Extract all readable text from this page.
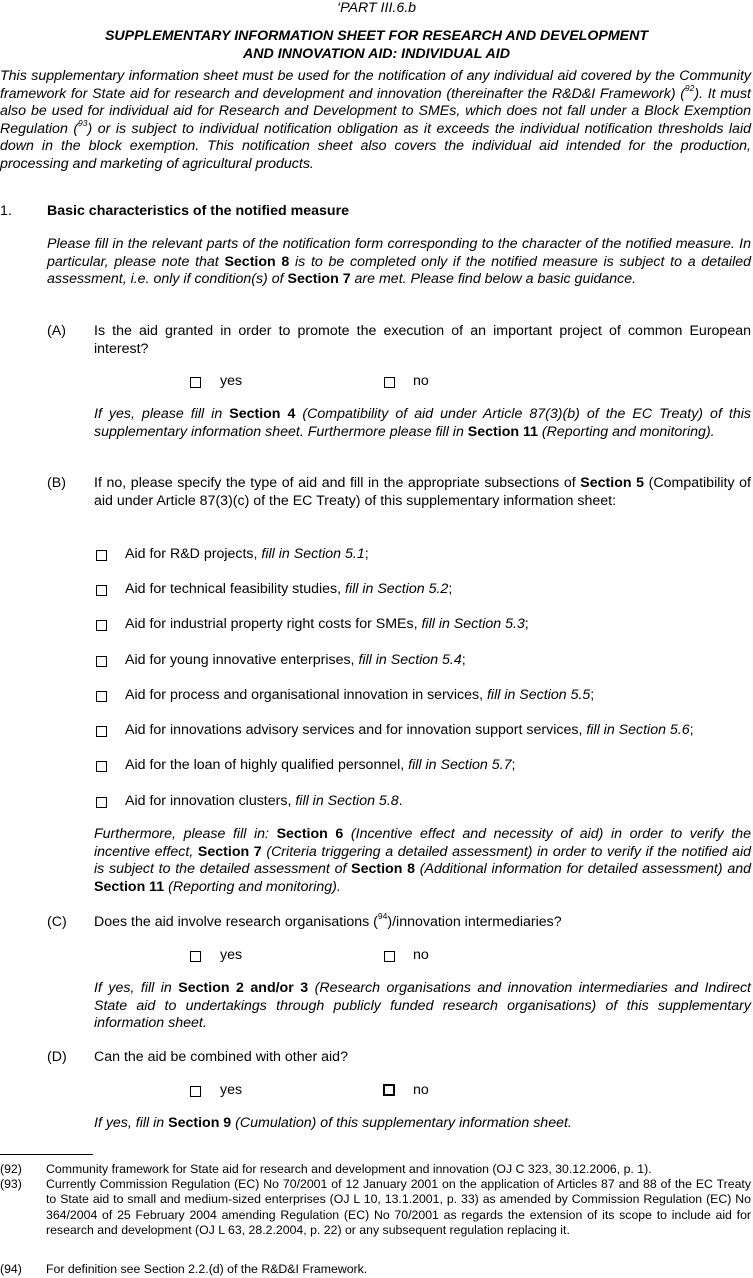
‘PART III.6.b
SUPPLEMENTARY INFORMATION SHEET FOR RESEARCH AND DEVELOPMENT
AND INNOVATION AID: INDIVIDUAL AID
This supplementary information sheet must be used for the notification of any individual aid covered by the Community framework for State aid for research and development and innovation (thereinafter the R&D&I Framework) ($^{92}$). It must also be used for individual aid for Research and Development to SMEs, which does not fall under a Block Exemption Regulation ($^{93}$) or is subject to individual notification obligation as it exceeds the individual notification thresholds laid down in the block exemption. This notification sheet also covers the individual aid intended for the production, processing and marketing of agricultural products.
1. Basic characteristics of the notified measure
Please fill in the relevant parts of the notification form corresponding to the character of the notified measure. In particular, please note that Section 8 is to be completed only if the notified measure is subject to a detailed assessment, i.e. only if condition(s) of Section 7 are met. Please find below a basic guidance.
(A) Is the aid granted in order to promote the execution of an important project of common European interest?
yes	no
If yes, please fill in Section 4 (Compatibility of aid under Article 87(3)(b) of the EC Treaty) of this supplementary information sheet. Furthermore please fill in Section 11 (Reporting and monitoring).
(B) If no, please specify the type of aid and fill in the appropriate subsections of Section 5 (Compatibility of aid under Article 87(3)(c) of the EC Treaty) of this supplementary information sheet:
Aid for R&D projects, fill in Section 5.1;
Aid for technical feasibility studies, fill in Section 5.2;
Aid for industrial property right costs for SMEs, fill in Section 5.3;
Aid for young innovative enterprises, fill in Section 5.4;
Aid for process and organisational innovation in services, fill in Section 5.5;
Aid for innovations advisory services and for innovation support services, fill in Section 5.6;
Aid for the loan of highly qualified personnel, fill in Section 5.7;
Aid for innovation clusters, fill in Section 5.8.
Furthermore, please fill in: Section 6 (Incentive effect and necessity of aid) in order to verify the incentive effect, Section 7 (Criteria triggering a detailed assessment) in order to verify if the notified aid is subject to the detailed assessment of Section 8 (Additional information for detailed assessment) and Section 11 (Reporting and monitoring).
(C) Does the aid involve research organisations ($^{94}$)/innovation intermediaries?
yes	no
If yes, fill in Section 2 and/or 3 (Research organisations and innovation intermediaries and Indirect State aid to undertakings through publicly funded research organisations) of this supplementary information sheet.
(D) Can the aid be combined with other aid?
yes	no
If yes, fill in Section 9 (Cumulation) of this supplementary information sheet.
(92) Community framework for State aid for research and development and innovation (OJ C 323, 30.12.2006, p. 1).
(93) Currently Commission Regulation (EC) No 70/2001 of 12 January 2001 on the application of Articles 87 and 88 of the EC Treaty to State aid to small and medium-sized enterprises (OJ L 10, 13.1.2001, p. 33) as amended by Commission Regulation (EC) No 364/2004 of 25 February 2004 amending Regulation (EC) No 70/2001 as regards the extension of its scope to include aid for research and development (OJ L 63, 28.2.2004, p. 22) or any subsequent regulation replacing it.
(94) For definition see Section 2.2.(d) of the R&D&I Framework.
